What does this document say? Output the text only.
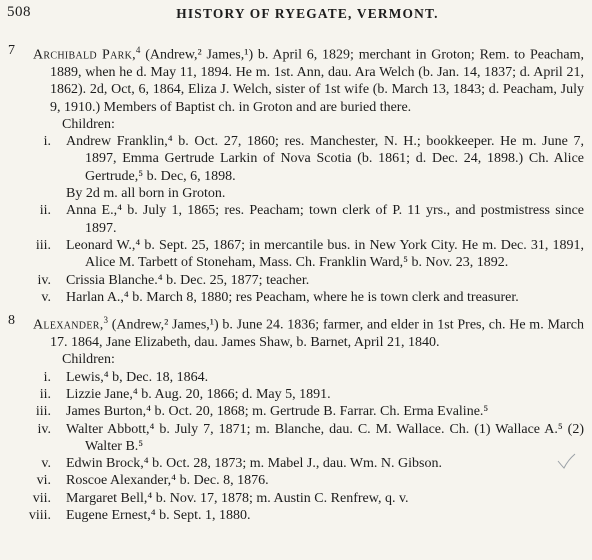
508	HISTORY OF RYEGATE, VERMONT.
7 Archibald Park,$^4$ (Andrew,² James,¹) b. April 6, 1829; merchant in Groton; Rem. to Peacham, 1889, when he d. May 11, 1894. He m. 1st. Ann, dau. Ara Welch (b. Jan. 14, 1837; d. April 21, 1862). 2d, Oct, 6, 1864, Eliza J. Welch, sister of 1st wife (b. March 13, 1843; d. Peacham, July 9, 1910.) Members of Baptist ch. in Groton and are buried there.
Children:
i. Andrew Franklin,⁴ b. Oct. 27, 1860; res. Manchester, N. H.; bookkeeper. He m. June 7, 1897, Emma Gertrude Larkin of Nova Scotia (b. 1861; d. Dec. 24, 1898.) Ch. Alice Gertrude,⁵ b. Dec, 6, 1898.
By 2d m. all born in Groton.
ii. Anna E.,⁴ b. July 1, 1865; res. Peacham; town clerk of P. 11 yrs., and postmistress since 1897.
iii. Leonard W.,⁴ b. Sept. 25, 1867; in mercantile bus. in New York City. He m. Dec. 31, 1891, Alice M. Tarbett of Stoneham, Mass. Ch. Franklin Ward,⁵ b. Nov. 23, 1892.
iv. Crissia Blanche.⁴ b. Dec. 25, 1877; teacher.
v. Harlan A.,⁴ b. March 8, 1880; res Peacham, where he is town clerk and treasurer.
8 Alexander,$^3$ (Andrew,² James,¹) b. June 24. 1836; farmer, and elder in 1st Pres, ch. He m. March 17. 1864, Jane Elizabeth, dau. James Shaw, b. Barnet, April 21, 1840.
Children:
i. Lewis,⁴ b, Dec. 18, 1864.
ii. Lizzie Jane,⁴ b. Aug. 20, 1866; d. May 5, 1891.
iii. James Burton,⁴ b. Oct. 20, 1868; m. Gertrude B. Farrar. Ch. Erma Evaline.⁵
iv. Walter Abbott,⁴ b. July 7, 1871; m. Blanche, dau. C. M. Wallace. Ch. (1) Wallace A.⁵ (2) Walter B.⁵
v. Edwin Brock,⁴ b. Oct. 28, 1873; m. Mabel J., dau. Wm. N. Gibson.
vi. Roscoe Alexander,⁴ b. Dec. 8, 1876.
vii. Margaret Bell,⁴ b. Nov. 17, 1878; m. Austin C. Renfrew, q. v.
viii. Eugene Ernest,⁴ b. Sept. 1, 1880.
